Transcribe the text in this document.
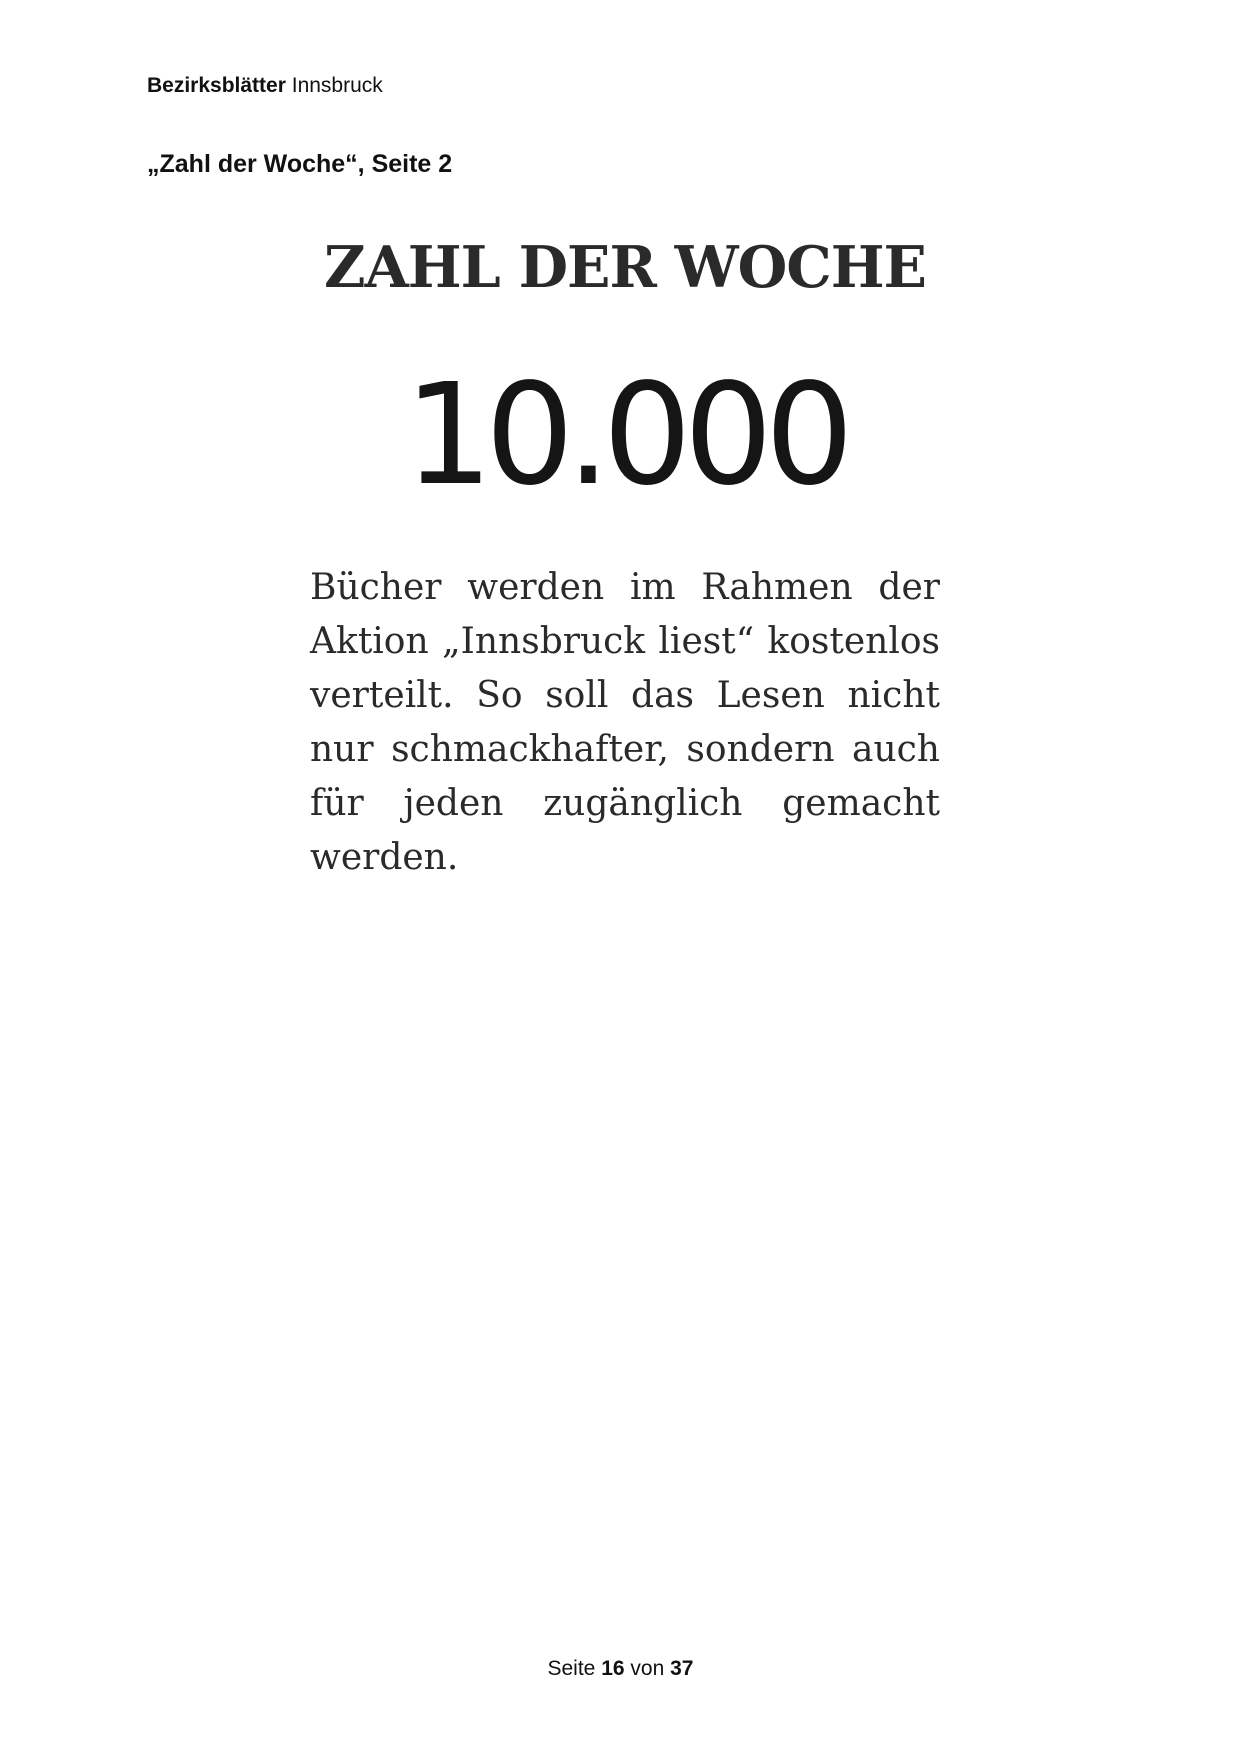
Bezirksblätter Innsbruck
„Zahl der Woche“, Seite 2
ZAHL DER WOCHE
10.000
Bücher werden im Rahmen der Aktion „Innsbruck liest“ kostenlos verteilt. So soll das Lesen nicht nur schmackhafter, sondern auch für jeden zugänglich gemacht werden.
Seite 16 von 37
